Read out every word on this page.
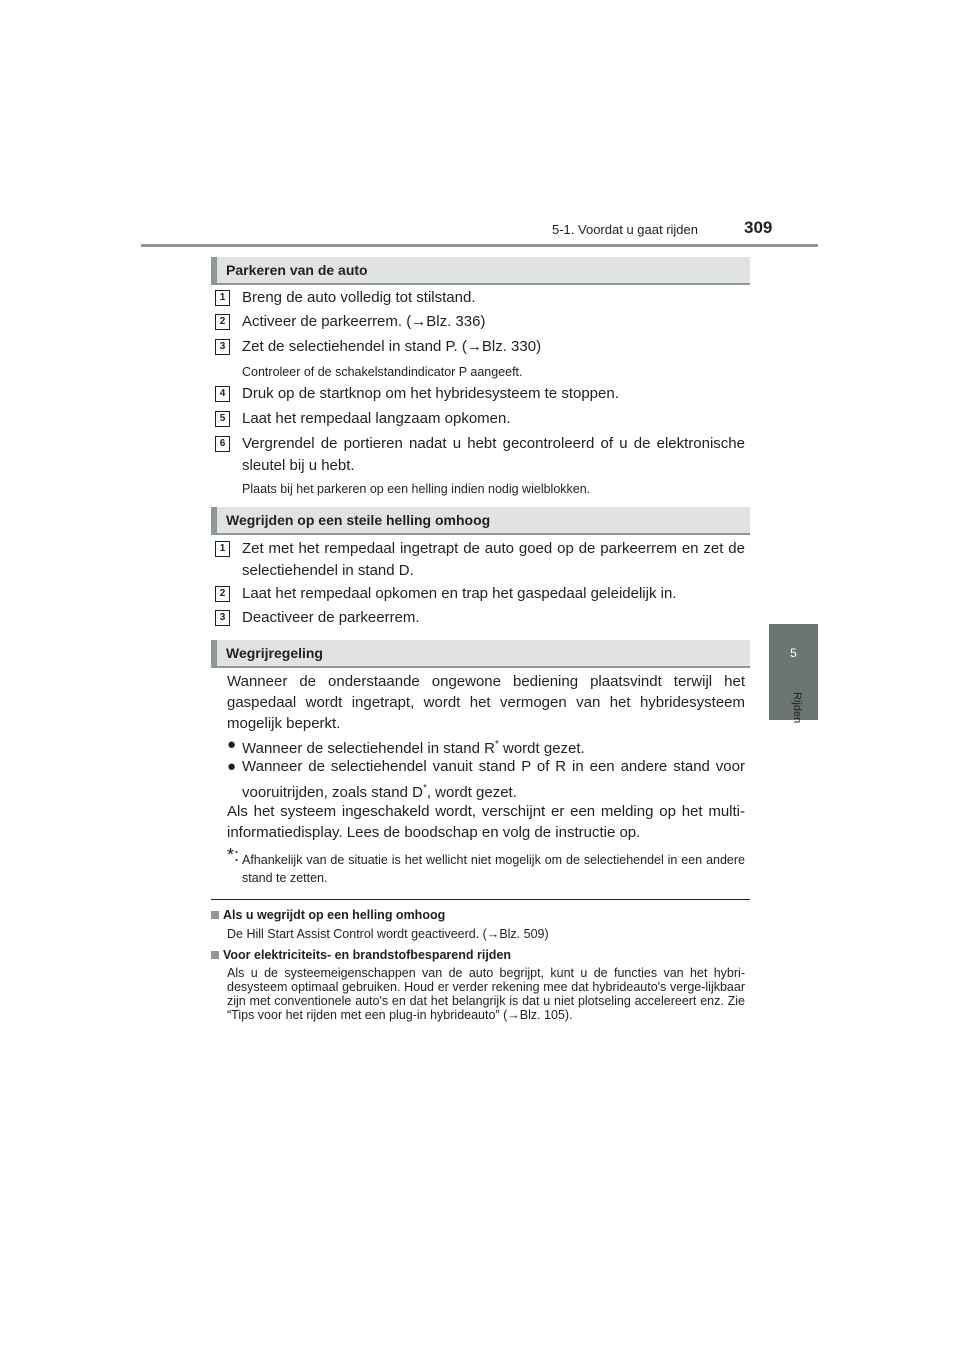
5-1. Voordat u gaat rijden	309
5
Rijden
Parkeren van de auto
1	Breng de auto volledig tot stilstand.
2	Activeer de parkeerrem. (→Blz. 336)
3	Zet de selectiehendel in stand P. (→Blz. 330)
Controleer of de schakelstandindicator P aangeeft.
4	Druk op de startknop om het hybridesysteem te stoppen.
5	Laat het rempedaal langzaam opkomen.
6	Vergrendel de portieren nadat u hebt gecontroleerd of u de elektronische sleutel bij u hebt.
Plaats bij het parkeren op een helling indien nodig wielblokken.
Wegrijden op een steile helling omhoog
1	Zet met het rempedaal ingetrapt de auto goed op de parkeerrem en zet de selectiehendel in stand D.
2	Laat het rempedaal opkomen en trap het gaspedaal geleidelijk in.
3	Deactiveer de parkeerrem.
Wegrijregeling
Wanneer de onderstaande ongewone bediening plaatsvindt terwijl het gaspedaal wordt ingetrapt, wordt het vermogen van het hybridesysteem mogelijk beperkt.
● Wanneer de selectiehendel in stand R* wordt gezet.
● Wanneer de selectiehendel vanuit stand P of R in een andere stand voor vooruitrijden, zoals stand D*, wordt gezet.
Als het systeem ingeschakeld wordt, verschijnt er een melding op het multi-informatiedisplay. Lees de boodschap en volg de instructie op.
*: Afhankelijk van de situatie is het wellicht niet mogelijk om de selectiehendel in een andere stand te zetten.
Als u wegrijdt op een helling omhoog
De Hill Start Assist Control wordt geactiveerd. (→Blz. 509)
Voor elektriciteits- en brandstofbesparend rijden
Als u de systeemeigenschappen van de auto begrijpt, kunt u de functies van het hybri-desysteem optimaal gebruiken. Houd er verder rekening mee dat hybrideauto's verge-lijkbaar zijn met conventionele auto's en dat het belangrijk is dat u niet plotseling accelereert enz. Zie “Tips voor het rijden met een plug-in hybrideauto” (→Blz. 105).
